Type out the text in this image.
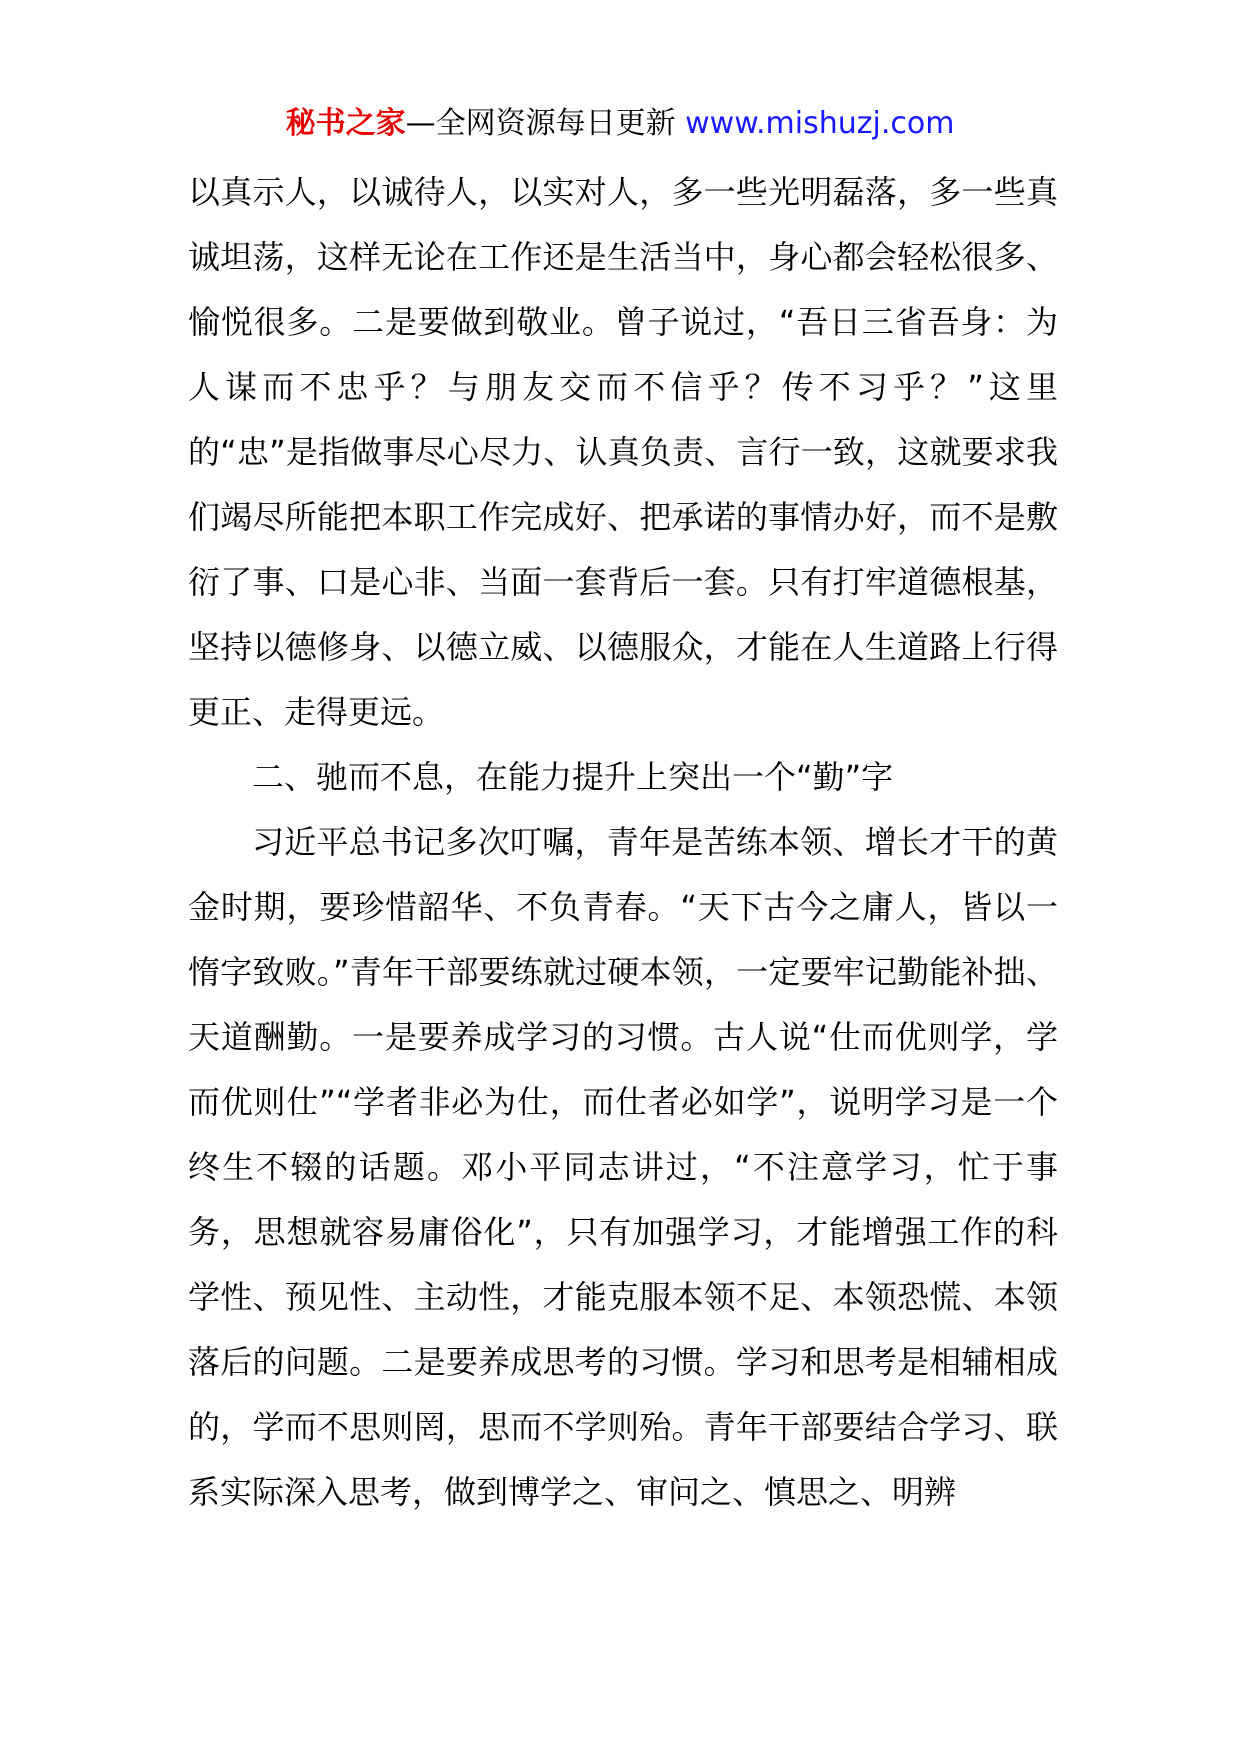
秘书之家—全网资源每日更新 www.mishuzj.com

以真示人，以诚待人，以实对人，多一些光明磊落，多一些真诚坦荡，这样无论在工作还是生活当中，身心都会轻松很多、愉悦很多。二是要做到敬业。曾子说过，“吾日三省吾身：为人谋而不忠乎？与朋友交而不信乎？传不习乎？”这里的“忠”是指做事尽心尽力、认真负责、言行一致，这就要求我们竭尽所能把本职工作完成好、把承诺的事情办好，而不是敷衍了事、口是心非、当面一套背后一套。只有打牢道德根基，坚持以德修身、以德立威、以德服众，才能在人生道路上行得更正、走得更远。

二、驰而不息，在能力提升上突出一个“勤”字

习近平总书记多次叮嘱，青年是苦练本领、增长才干的黄金时期，要珍惜韶华、不负青春。“天下古今之庸人，皆以一惰字致败。”青年干部要练就过硬本领，一定要牢记勤能补拙、天道酬勤。一是要养成学习的习惯。古人说“仕而优则学，学而优则仕”“学者非必为仕，而仕者必如学”，说明学习是一个终生不辍的话题。邓小平同志讲过，“不注意学习，忙于事务，思想就容易庸俗化”，只有加强学习，才能增强工作的科学性、预见性、主动性，才能克服本领不足、本领恐慌、本领落后的问题。二是要养成思考的习惯。学习和思考是相辅相成的，学而不思则罔，思而不学则殆。青年干部要结合学习、联系实际深入思考，做到博学之、审问之、慎思之、明辨
